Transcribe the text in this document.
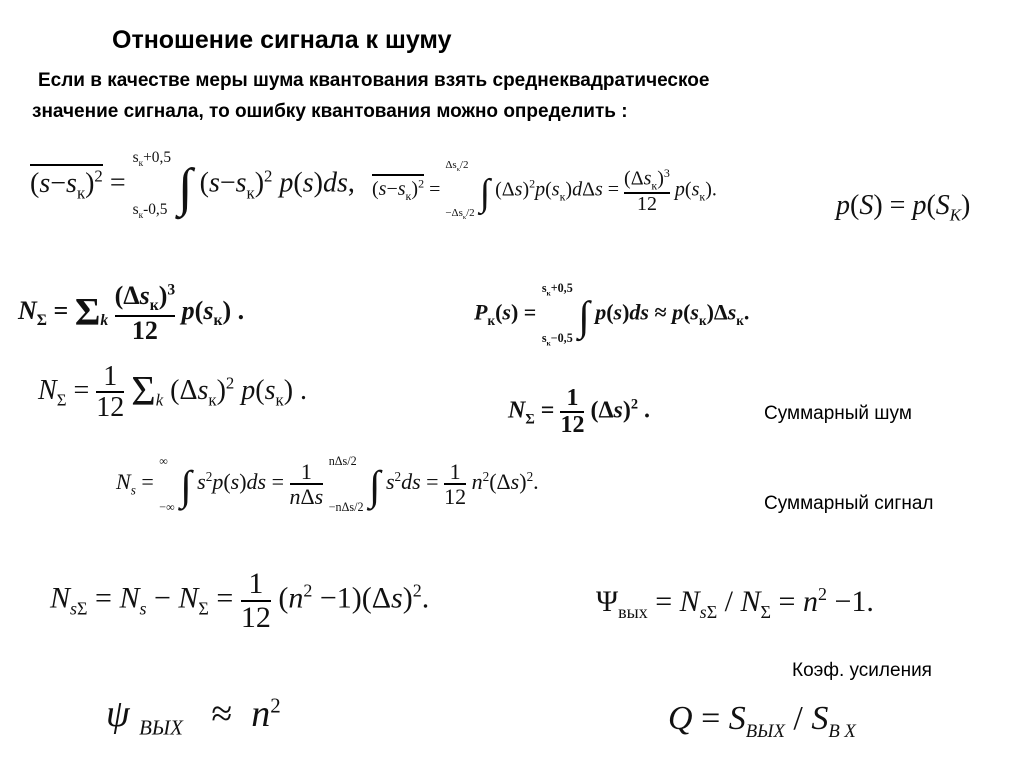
Отношение сигнала к шуму
Если в качестве меры шума квантования взять среднеквадратическое
значение сигнала, то ошибку квантования можно определить :
$(s-s_к)^2$ =
$s_к+0,5$
$s_к-0,5$ ∫ $(s-s_к)^2$ p(s)ds, $(s-s_к)^2$ =
$\Delta s_к/2$
$-\Delta s_к/2$ ∫ $(\Delta s)^2p(s_к)d\Delta s = \frac{(\Delta s_к)^3}{12} p(s_к)$.
$p(S) = p(S_K)$
$N_\Sigma = \Sigma_k \frac{(\Delta s_к)^3}{12} p(s_к)$ .	$P_к(s)$ =
$s_к+0,5$
$s_к-0,5$ ∫ $p(s)ds \approx p(s_к)\Delta s_к$.
$N_\Sigma = \frac{1}{12} \Sigma_k$ $(\Delta s_к)^2$ $p(s_к)$ .
$N_\Sigma = \frac{1}{12} (\Delta s)^2$ .	Суммарный шум
$N_s$ =
∞
−∞ ∫ $s^2p(s)ds = \frac{1}{\text{nΔs}}$
nΔs/2
−nΔs/2 ∫ $s^2ds = \frac{1}{12} n^2(\Delta s)^2$.
Суммарный сигнал
$N_{s\Sigma} = N_s - N_\Sigma = \frac{1}{12} (n^2 -1)(\Delta s)^2$.	$\Psi_{вых} = N_{s\Sigma} / N_\Sigma = n^2 -1$.
Коэф. усиления
ψ $_{ВЫХ} \approx n^2$	$Q = S_{ВЫХ} / S_{В Х}$
